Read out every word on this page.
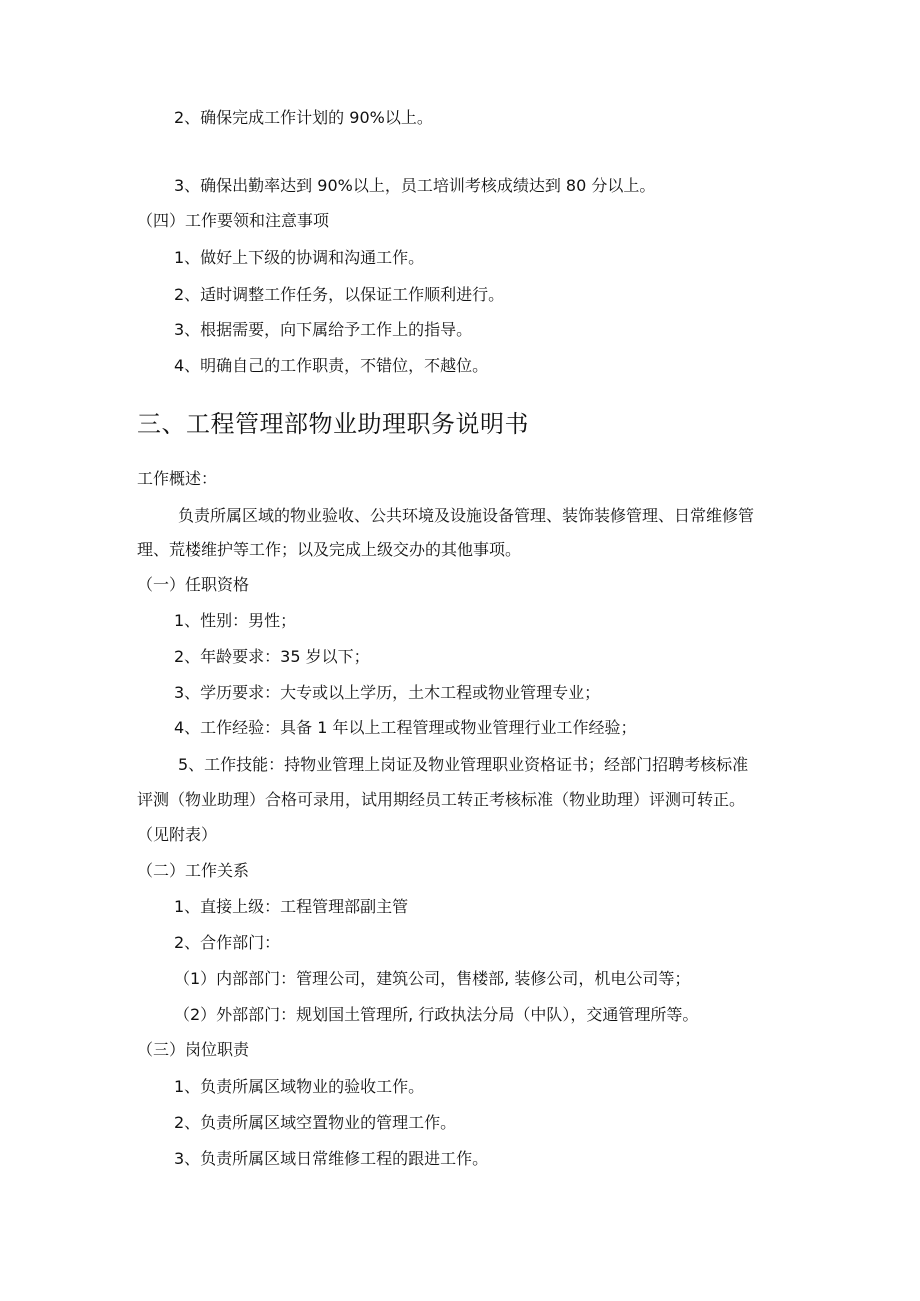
2、确保完成工作计划的 90%以上。
3、确保出勤率达到 90%以上，员工培训考核成绩达到 80 分以上。
（四）工作要领和注意事项
1、做好上下级的协调和沟通工作。
2、适时调整工作任务，以保证工作顺利进行。
3、根据需要，向下属给予工作上的指导。
4、明确自己的工作职责，不错位，不越位。
三、工程管理部物业助理职务说明书
工作概述：
负责所属区域的物业验收、公共环境及设施设备管理、装饰装修管理、日常维修管
理、荒楼维护等工作；以及完成上级交办的其他事项。
（一）任职资格
1、性别：男性；
2、年龄要求：35 岁以下；
3、学历要求：大专或以上学历，土木工程或物业管理专业；
4、工作经验：具备 1 年以上工程管理或物业管理行业工作经验；
5、工作技能：持物业管理上岗证及物业管理职业资格证书；经部门招聘考核标准
评测（物业助理）合格可录用，试用期经员工转正考核标准（物业助理）评测可转正。
（见附表）
（二）工作关系
1、直接上级：工程管理部副主管
2、合作部门：
（1）内部部门：管理公司，建筑公司，售楼部, 装修公司，机电公司等；
（2）外部部门：规划国土管理所, 行政执法分局（中队），交通管理所等。
（三）岗位职责
1、负责所属区域物业的验收工作。
2、负责所属区域空置物业的管理工作。
3、负责所属区域日常维修工程的跟进工作。
